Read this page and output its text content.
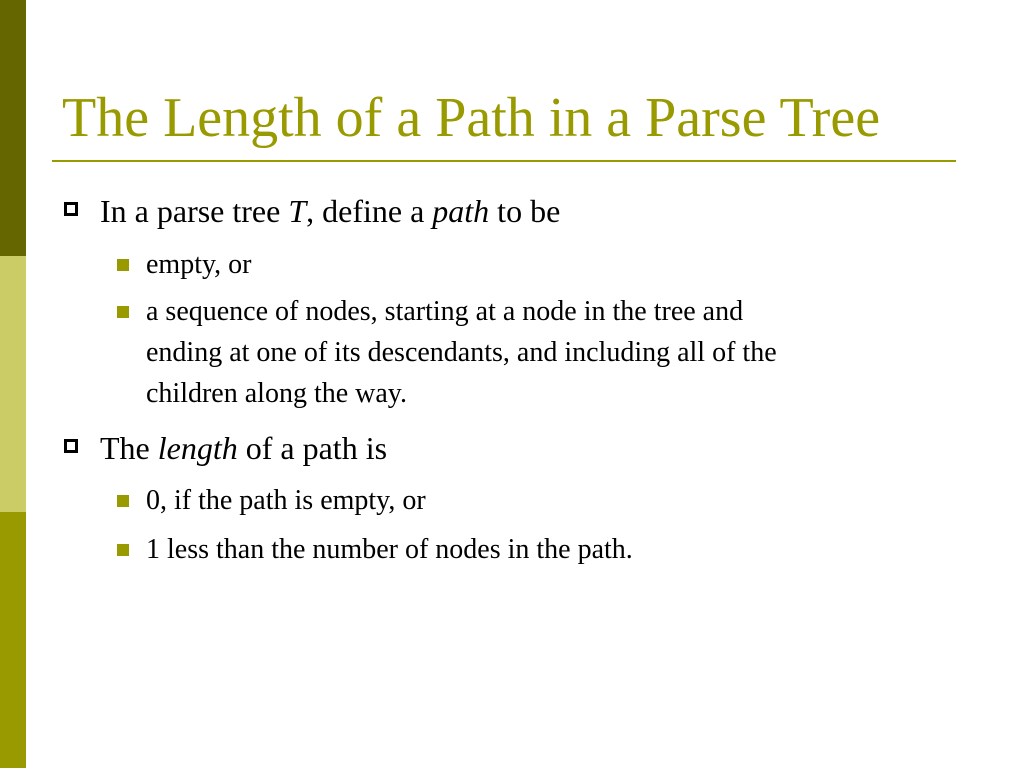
The Length of a Path in a Parse Tree
In a parse tree T, define a path to be
empty, or
a sequence of nodes, starting at a node in the tree and
ending at one of its descendants, and including all of the
children along the way.
The length of a path is
0, if the path is empty, or
1 less than the number of nodes in the path.
